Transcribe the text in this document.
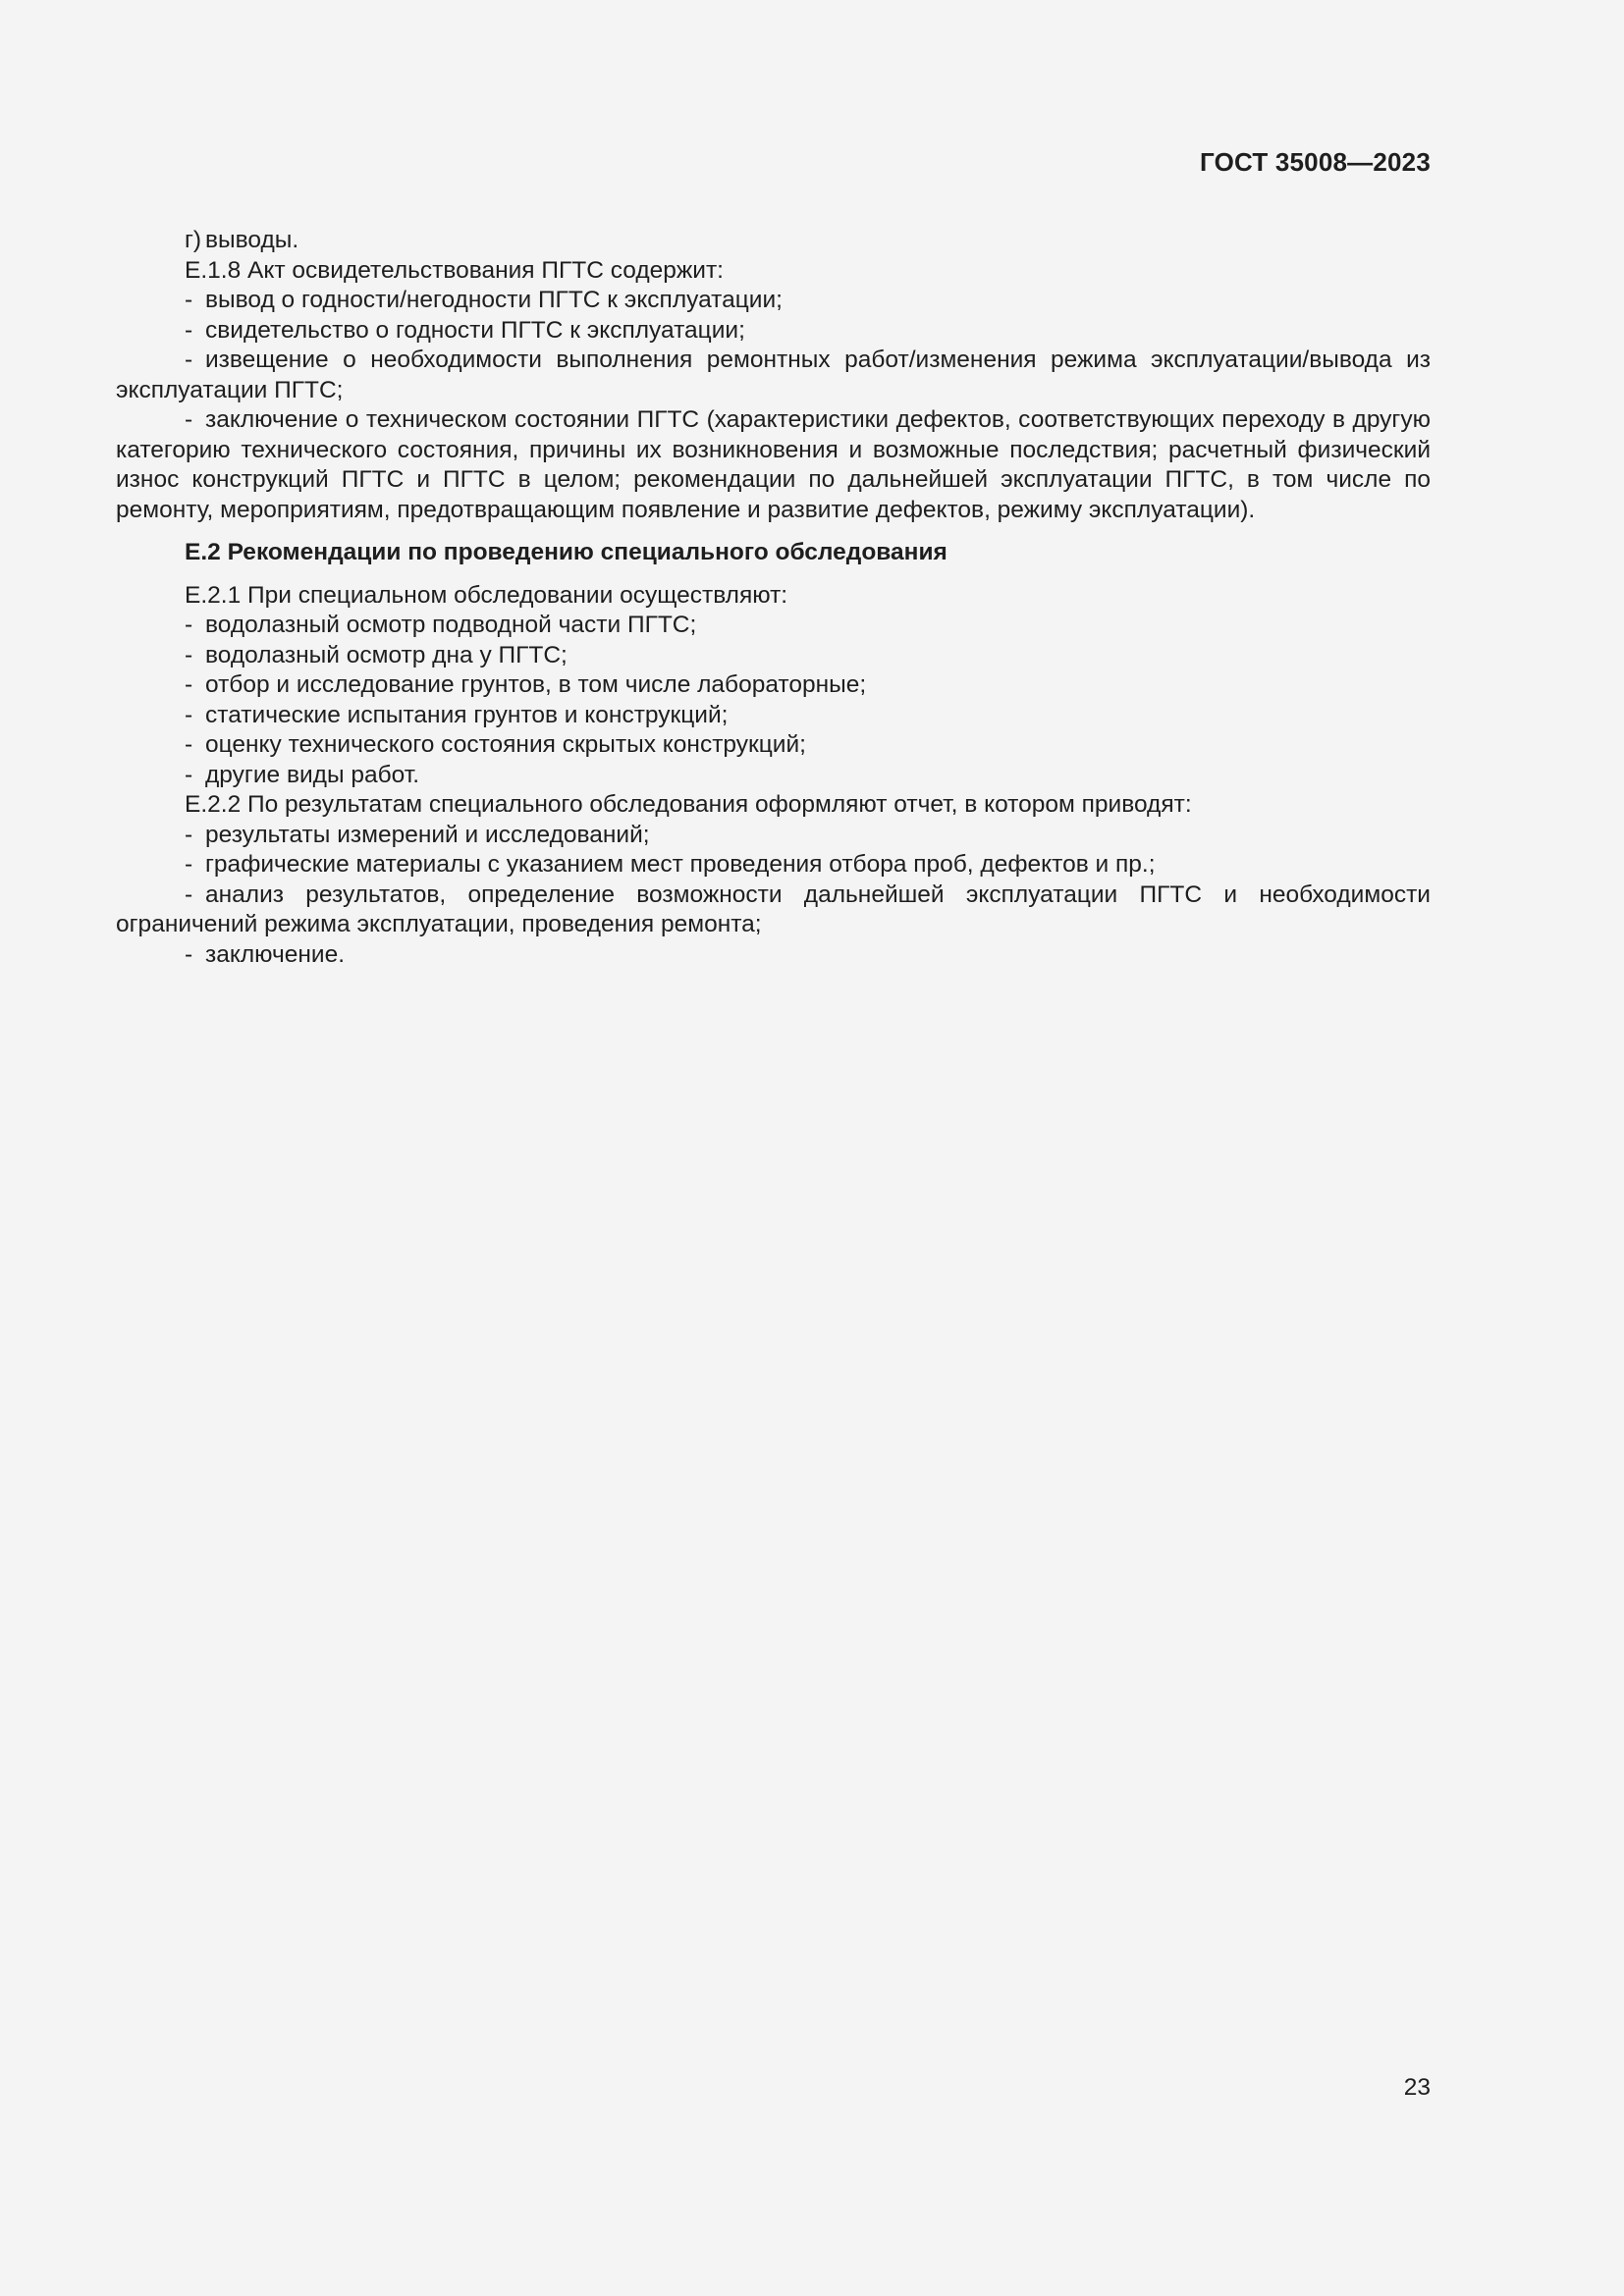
ГОСТ 35008—2023

г) выводы.

Е.1.8 Акт освидетельствования ПГТС содержит:

- вывод о годности/негодности ПГТС к эксплуатации;

- свидетельство о годности ПГТС к эксплуатации;

- извещение о необходимости выполнения ремонтных работ/изменения режима эксплуатации/вывода из эксплуатации ПГТС;

- заключение о техническом состоянии ПГТС (характеристики дефектов, соответствующих переходу в другую категорию технического состояния, причины их возникновения и возможные последствия; расчетный физический износ конструкций ПГТС и ПГТС в целом; рекомендации по дальнейшей эксплуатации ПГТС, в том числе по ремонту, мероприятиям, предотвращающим появление и развитие дефектов, режиму эксплуатации).

Е.2 Рекомендации по проведению специального обследования

Е.2.1 При специальном обследовании осуществляют:

- водолазный осмотр подводной части ПГТС;

- водолазный осмотр дна у ПГТС;

- отбор и исследование грунтов, в том числе лабораторные;

- статические испытания грунтов и конструкций;

- оценку технического состояния скрытых конструкций;

- другие виды работ.

Е.2.2 По результатам специального обследования оформляют отчет, в котором приводят:

- результаты измерений и исследований;

- графические материалы с указанием мест проведения отбора проб, дефектов и пр.;

- анализ результатов, определение возможности дальнейшей эксплуатации ПГТС и необходимости ограничений режима эксплуатации, проведения ремонта;

- заключение.

23
